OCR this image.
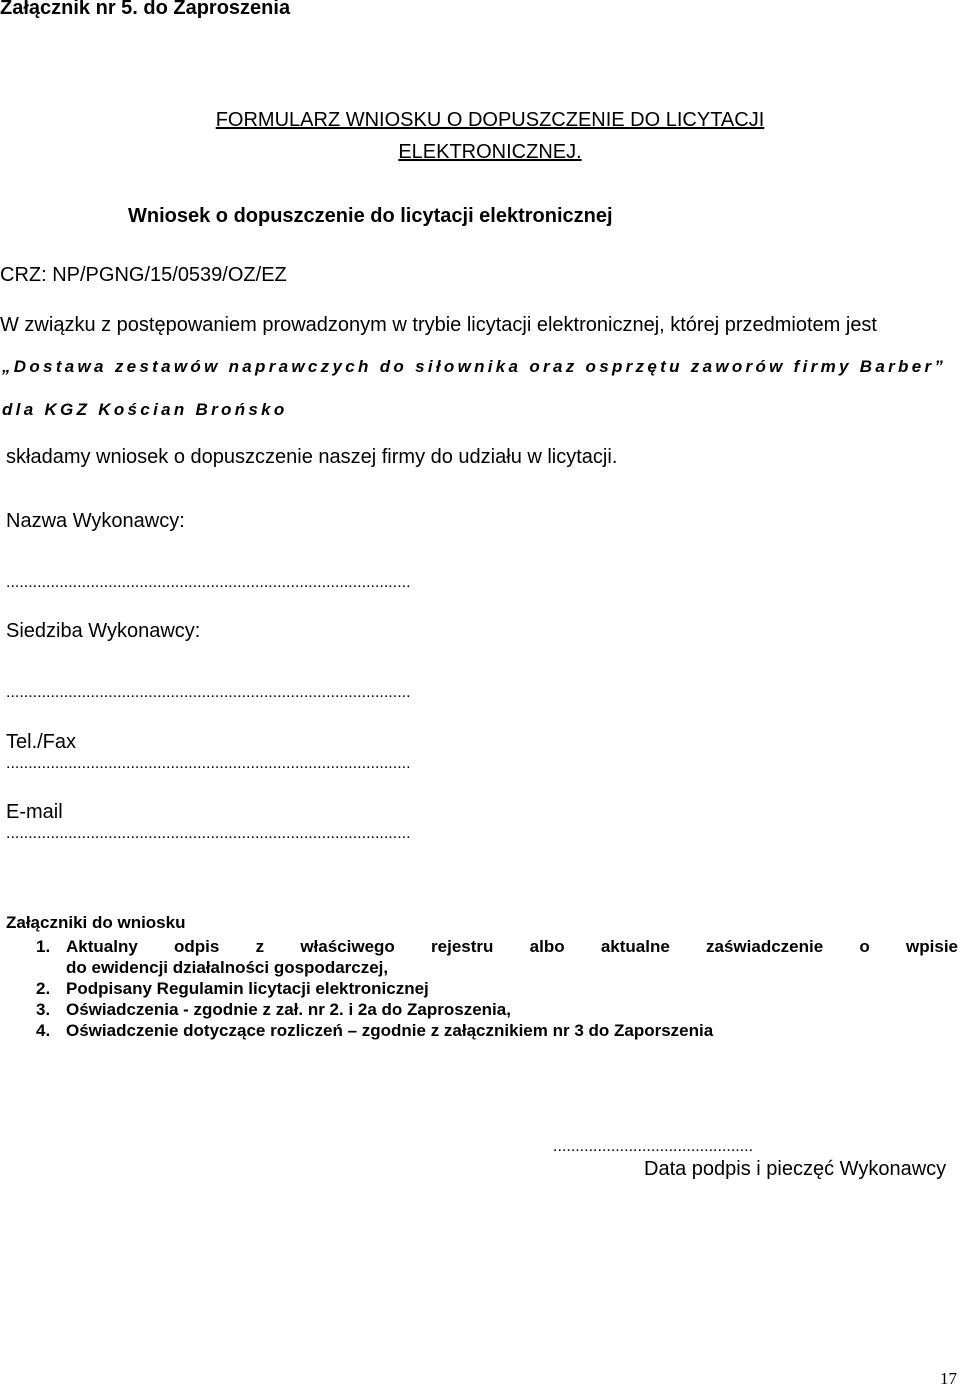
Załącznik nr 5. do Zaproszenia
FORMULARZ WNIOSKU O DOPUSZCZENIE DO LICYTACJI
ELEKTRONICZNEJ.
Wniosek o dopuszczenie do licytacji elektronicznej
CRZ: NP/PGNG/15/0539/OZ/EZ
W związku z postępowaniem prowadzonym w trybie licytacji elektronicznej, której przedmiotem jest
„Dostawa zestawów naprawczych do siłownika oraz osprzętu zaworów firmy Barber”
dla KGZ Kościan Brońsko
składamy wniosek o dopuszczenie naszej firmy do udziału w licytacji.
Nazwa Wykonawcy:
...........................................................................................
Siedziba Wykonawcy:
...........................................................................................
Tel./Fax
...........................................................................................
E-mail
...........................................................................................
Załączniki do wniosku
1. Aktualny odpis z właściwego rejestru albo aktualne zaświadczenie o wpisie
do ewidencji działalności gospodarczej,
2. Podpisany Regulamin licytacji elektronicznej
3. Oświadczenia - zgodnie z zał. nr 2. i 2a do Zaproszenia,
4. Oświadczenie dotyczące rozliczeń – zgodnie z załącznikiem nr 3 do Zaporszenia
.............................................
Data podpis i pieczęć Wykonawcy
17
